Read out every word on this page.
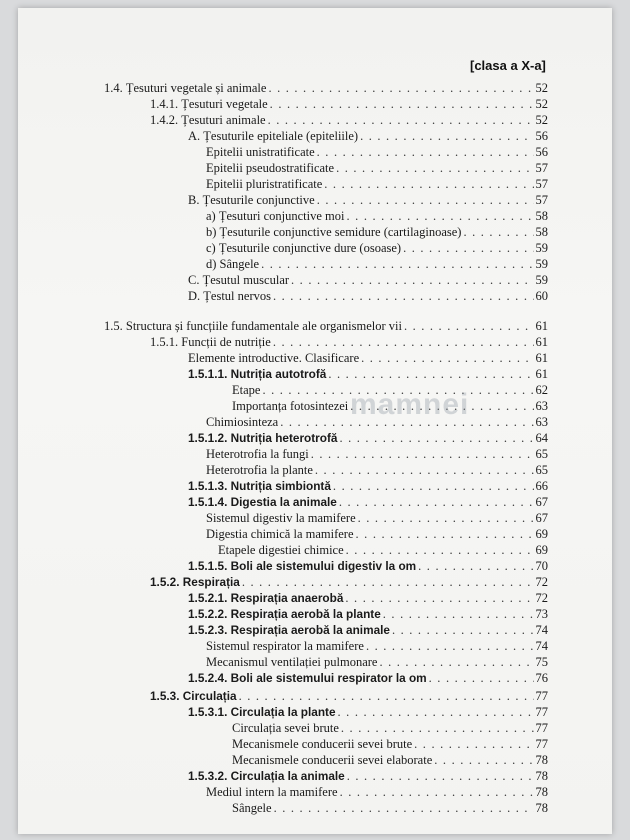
[clasa a X-a]
1.4. Țesuturi vegetale și animale . . .	52
1.4.1. Țesuturi vegetale . . .	52
1.4.2. Țesuturi animale . . .	52
A. Țesuturile epiteliale (epiteliile) . . .	56
Epitelii unistratificate . . .	56
Epitelii pseudostratificate . . .	57
Epitelii pluristratificate . . .	57
B. Țesuturile conjunctive . . .	57
a) Țesuturi conjunctive moi . . .	58
b) Țesuturile conjunctive semidure (cartilaginoase) . . .	58
c) Țesuturile conjunctive dure (osoase) . . .	59
d) Sângele . . .	59
C. Țesutul muscular . . .	59
D. Țestul nervos . . .	60
1.5. Structura și funcțiile fundamentale ale organismelor vii . . .	61
1.5.1. Funcții de nutriție . . .	61
Elemente introductive. Clasificare . . .	61
1.5.1.1. Nutriția autotrofă . . .	61
Etape . . .	62
Importanța fotosintezei . . .	63
Chimiosinteza . . .	63
1.5.1.2. Nutriția heterotrofă . . .	64
Heterotrofia la fungi . . .	65
Heterotrofia la plante . . .	65
1.5.1.3. Nutriția simbiontă . . .	66
1.5.1.4. Digestia la animale . . .	67
Sistemul digestiv la mamifere . . .	67
Digestia chimică la mamifere . . .	69
Etapele digestiei chimice . . .	69
1.5.1.5. Boli ale sistemului digestiv la om . . .	70
1.5.2. Respirația . . .	72
1.5.2.1. Respirația anaerobă . . .	72
1.5.2.2. Respirația aerobă la plante . . .	73
1.5.2.3. Respirația aerobă la animale . . .	74
Sistemul respirator la mamifere . . .	74
Mecanismul ventilației pulmonare . . .	75
1.5.2.4. Boli ale sistemului respirator la om . . .	76
1.5.3. Circulația . . .	77
1.5.3.1. Circulația la plante . . .	77
Circulația sevei brute . . .	77
Mecanismele conducerii sevei brute . . .	77
Mecanismele conducerii sevei elaborate . . .	78
1.5.3.2. Circulația la animale . . .	78
Mediul intern la mamifere . . .	78
Sângele . . .	78
mamnei
